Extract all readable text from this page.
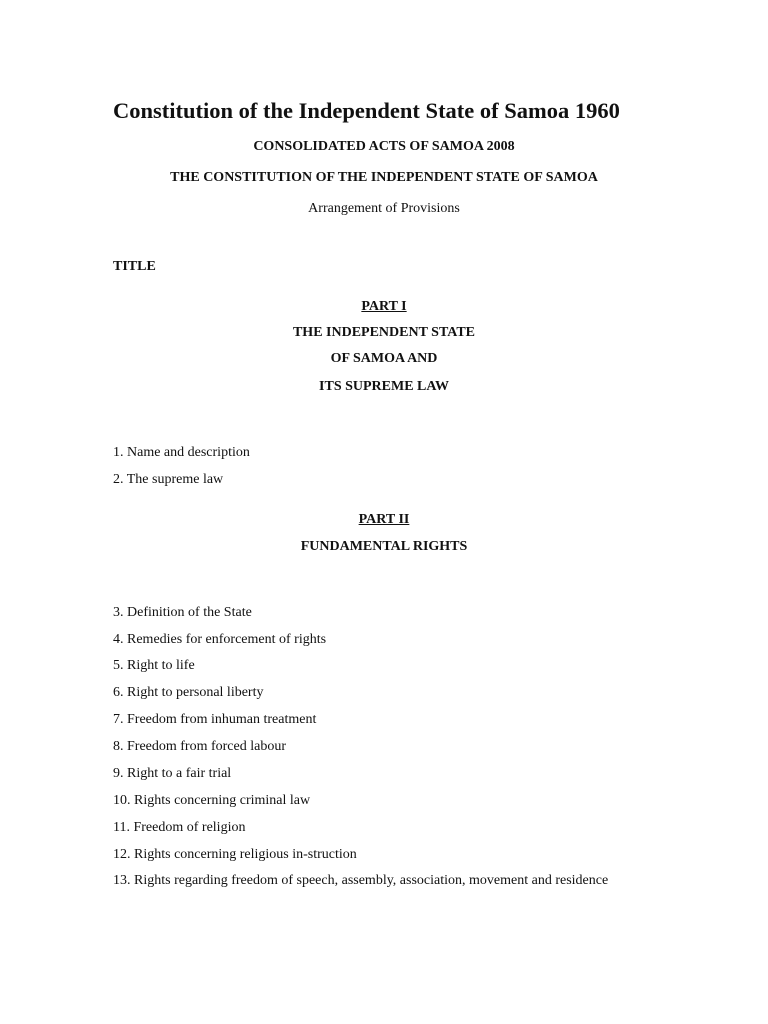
Constitution of the Independent State of Samoa 1960
CONSOLIDATED ACTS OF SAMOA 2008
THE CONSTITUTION OF THE INDEPENDENT STATE OF SAMOA
Arrangement of Provisions
TITLE
PART I
THE INDEPENDENT STATE
OF SAMOA AND
ITS SUPREME LAW
1. Name and description
2. The supreme law
PART II
FUNDAMENTAL RIGHTS
3. Definition of the State
4. Remedies for enforcement of rights
5. Right to life
6. Right to personal liberty
7. Freedom from inhuman treatment
8. Freedom from forced labour
9. Right to a fair trial
10. Rights concerning criminal law
11. Freedom of religion
12. Rights concerning religious in-struction
13. Rights regarding freedom of speech, assembly, association, movement and residence
